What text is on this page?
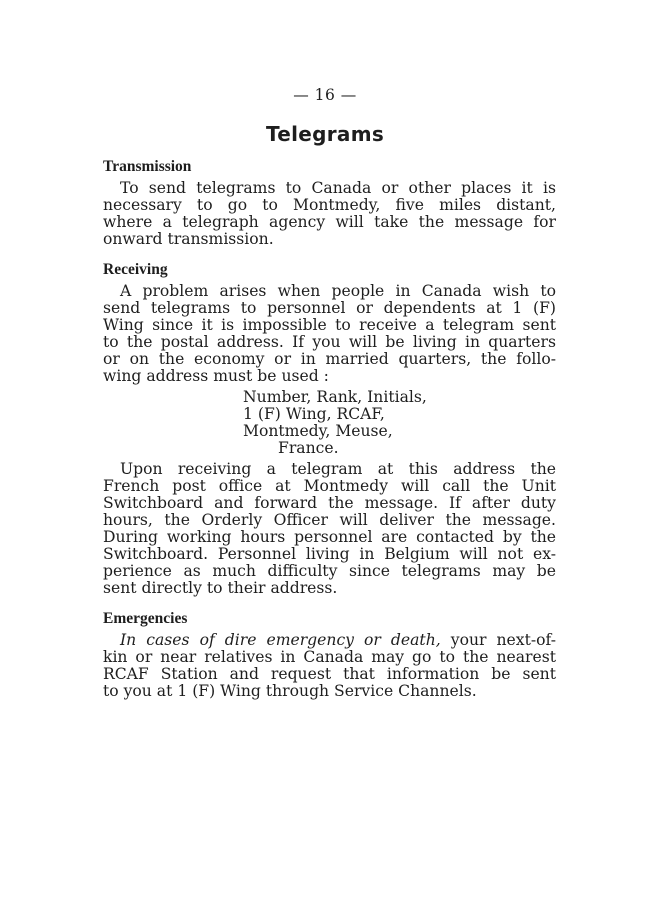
— 16 —
Telegrams
Transmission
To send telegrams to Canada or other places it is
necessary to go to Montmedy, five miles distant,
where a telegraph agency will take the message for
onward transmission.
Receiving
A problem arises when people in Canada wish to
send telegrams to personnel or dependents at 1 (F)
Wing since it is impossible to receive a telegram sent
to the postal address. If you will be living in quarters
or on the economy or in married quarters, the follo-
wing address must be used :
Number, Rank, Initials,
1 (F) Wing, RCAF,
Montmedy, Meuse,
France.
Upon receiving a telegram at this address the
French post office at Montmedy will call the Unit
Switchboard and forward the message. If after duty
hours, the Orderly Officer will deliver the message.
During working hours personnel are contacted by the
Switchboard. Personnel living in Belgium will not ex-
perience as much difficulty since telegrams may be
sent directly to their address.
Emergencies
In cases of dire emergency or death, your next-of-
kin or near relatives in Canada may go to the nearest
RCAF Station and request that information be sent
to you at 1 (F) Wing through Service Channels.
